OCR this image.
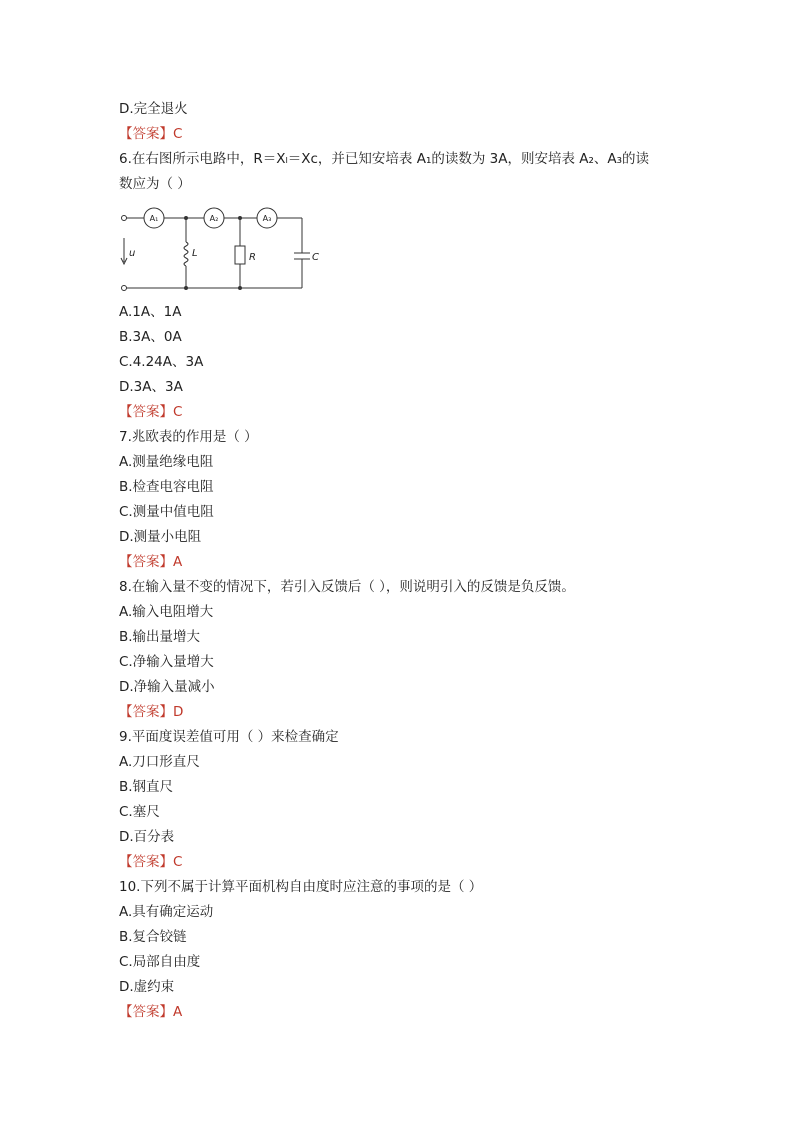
D.完全退火
【答案】C
6.在右图所示电路中，R＝Xₗ＝Xᴄ，并已知安培表 A₁的读数为 3A，则安培表 A₂、A₃的读
数应为（ ）
A₁	A₂	A₃
u	L	R	C
A.1A、1A
B.3A、0A
C.4.24A、3A
D.3A、3A
【答案】C
7.兆欧表的作用是（ ）
A.测量绝缘电阻
B.检查电容电阻
C.测量中值电阻
D.测量小电阻
【答案】A
8.在输入量不变的情况下，若引入反馈后（ ），则说明引入的反馈是负反馈。
A.输入电阻增大
B.输出量增大
C.净输入量增大
D.净输入量减小
【答案】D
9.平面度误差值可用（ ）来检查确定
A.刀口形直尺
B.钢直尺
C.塞尺
D.百分表
【答案】C
10.下列不属于计算平面机构自由度时应注意的事项的是（ ）
A.具有确定运动
B.复合铰链
C.局部自由度
D.虚约束
【答案】A
